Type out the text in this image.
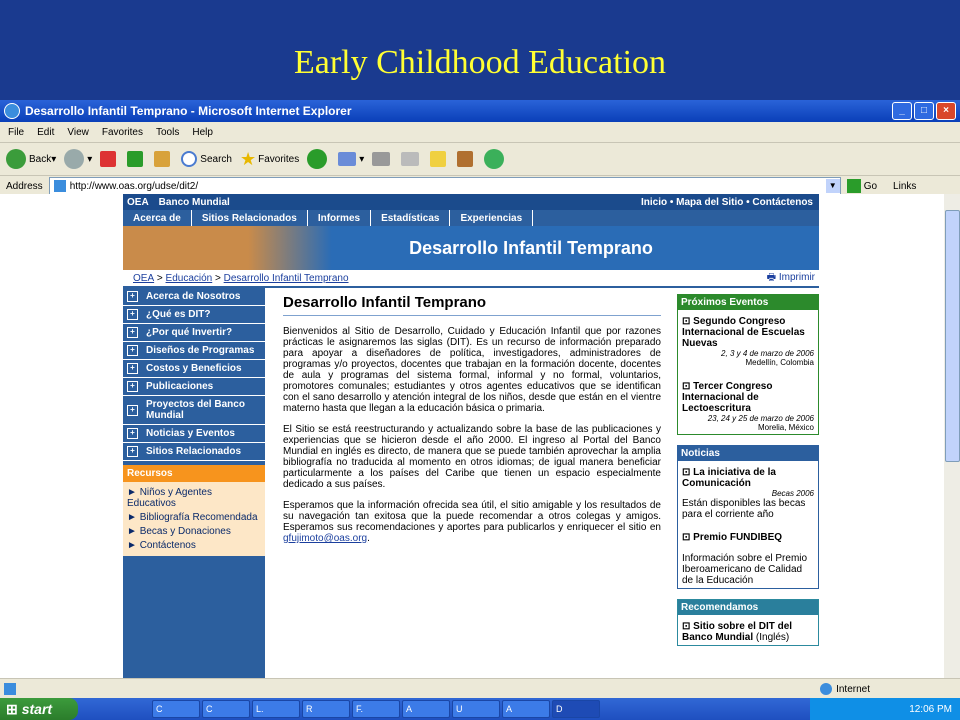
Early Childhood Education
Desarrollo Infantil Temprano - Microsoft Internet Explorer	_	□	×
File Edit View Favorites Tools Help
Back ▾	▾	Search ★ Favorites	▾
Address	http://www.oas.org/udse/dit2/	▼	Go Links
OEA Banco Mundial	Inicio • Mapa del Sitio • Contáctenos
Acerca de	Sitios Relacionados	Informes	Estadísticas	Experiencias
Desarrollo Infantil Temprano
OEA > Educación > Desarrollo Infantil Temprano	🖶 Imprimir
+	Acerca de Nosotros
+	¿Qué es DIT?
+	¿Por qué Invertir?
+	Diseños de Programas
+	Costos y Beneficios
+	Publicaciones
+	Proyectos del Banco Mundial
+	Noticias y Eventos
+	Sitios Relacionados
Recursos
► Niños y Agentes Educativos
► Bibliografía Recomendada
► Becas y Donaciones
► Contáctenos
Desarrollo Infantil Temprano

Bienvenidos al Sitio de Desarrollo, Cuidado y Educación Infantil que por razones prácticas le asignaremos las siglas (DIT). Es un recurso de información preparado para apoyar a diseñadores de política, investigadores, administradores de programas y/o proyectos, docentes que trabajan en la formación docente, docentes de aula y programas del sistema formal, informal y no formal, voluntarios, promotores comunales; estudiantes y otros agentes educativos que se identifican con el sano desarrollo y atención integral de los niños, desde que están en el vientre materno hasta que llegan a la educación básica o primaria.

El Sitio se está reestructurando y actualizando sobre la base de las publicaciones y experiencias que se hicieron desde el año 2000. El ingreso al Portal del Banco Mundial en inglés es directo, de manera que se puede también aprovechar la amplia bibliografía no traducida al momento en otros idiomas; de igual manera beneficiar particularmente a los países del Caribe que tienen un espacio especialmente dedicado a sus países.

Esperamos que la información ofrecida sea útil, el sitio amigable y los resultados de su navegación tan exitosa que la puede recomendar a otros colegas y amigos. Esperamos sus recomendaciones y aportes para publicarlos y enriquecer el sitio en gfujimoto@oas.org.

Próximos Eventos
⊡ Segundo Congreso Internacional de Escuelas Nuevas
2, 3 y 4 de marzo de 2006
Medellín, Colombia
⊡ Tercer Congreso Internacional de Lectoescritura
23, 24 y 25 de marzo de 2006
Morelia, México
Noticias
⊡ La iniciativa de la Comunicación
Becas 2006
Están disponibles las becas para el corriente año
⊡ Premio FUNDIBEQ
Información sobre el Premio Iberoamericano de Calidad de la Educación
Recomendamos
⊡ Sitio sobre el DIT del Banco Mundial (Inglés)
Internet
⊞ start	C	C	L.	R	F.	A	U	A	D	12:06 PM
